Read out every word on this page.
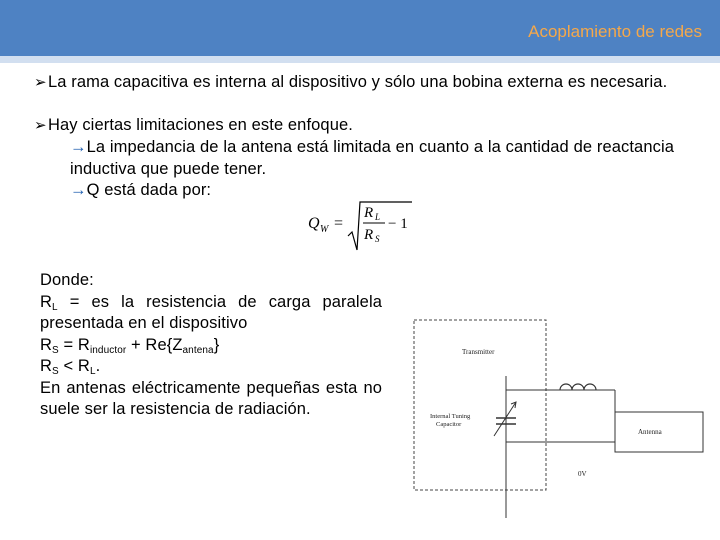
Acoplamiento de redes
➢La rama capacitiva es interna al dispositivo y sólo una bobina externa es necesaria.
➢Hay ciertas limitaciones en este enfoque.
→La impedancia de la antena está limitada en cuanto a la cantidad de reactancia inductiva que puede tener.
→Q está dada por:
Q W =
R L
R S
− 1
Donde:
$R_L$ = es la resistencia de carga paralela presentada en el dispositivo
$R_S = R_{inductor} + Re\{Z_{antena}\}$
$R_S < R_L$.
En antenas eléctricamente pequeñas esta no suele ser la resistencia de radiación.
Transmitter
Antenna
Internal Tuning
Capacitor
0V
